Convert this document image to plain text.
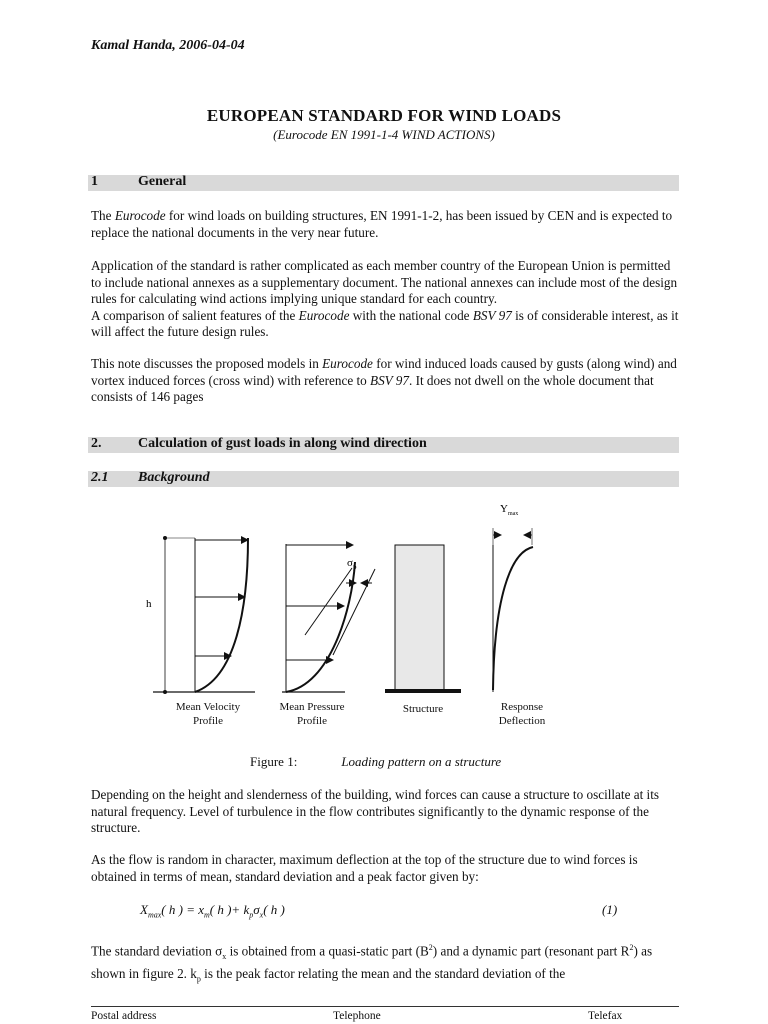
Kamal Handa, 2006-04-04
EUROPEAN STANDARD FOR WIND LOADS
(Eurocode EN 1991-1-4 WIND ACTIONS)
1	General

The Eurocode for wind loads on building structures, EN 1991-1-2, has been issued by CEN and is expected to replace the national documents in the very near future.

Application of the standard is rather complicated as each member country of the European Union is permitted to include national annexes as a supplementary document. The national annexes can include most of the design rules for calculating wind actions implying unique standard for each country.

A comparison of salient features of the Eurocode with the national code BSV 97 is of considerable interest, as it will affect the future design rules.

This note discusses the proposed models in Eurocode for wind induced loads caused by gusts (along wind) and vortex induced forces (cross wind) with reference to BSV 97. It does not dwell on the whole document that consists of 146 pages

2.	Calculation of gust loads in along wind direction
2.1 Background
h
$\sigma_p$
$Y_{max}$
Mean Velocity
Profile
Mean Pressure
Profile
Structure	Response
Deflection
Figure 1:	Loading pattern on a structure
Depending on the height and slenderness of the building, wind forces can cause a structure to oscillate at its natural frequency. Level of turbulence in the flow contributes significantly to the dynamic response of the structure.
As the flow is random in character, maximum deflection at the top of the structure due to wind forces is obtained in terms of mean, standard deviation and a peak factor given by:
$X_{max}$( h ) = $x_m$( h )+ $k_p\sigma_x$( h )	(1)
The standard deviation $\sigma_x$ is obtained from a quasi-static part $(B^2)$ and a dynamic part (resonant part $R^2$) as shown in figure 2. $k_p$ is the peak factor relating the mean and the standard deviation of the
Postal address	Telephone	Telefax
